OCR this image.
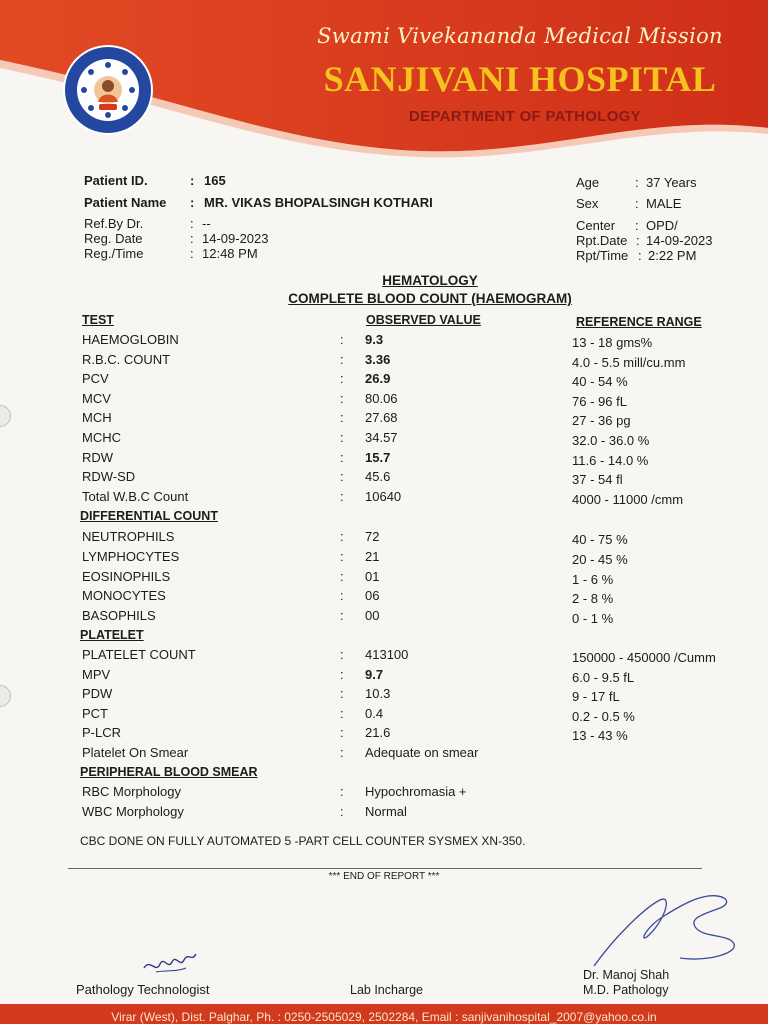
Swami Vivekananda Medical Mission
SANJIVANI HOSPITAL
DEPARTMENT OF PATHOLOGY
Patient ID.	: 165
Patient Name : MR. VIKAS BHOPALSINGH KOTHARI
Ref.By Dr.	: --
Reg. Date	: 14-09-2023
Reg./Time	: 12:48 PM
Age	: 37 Years
Sex	: MALE
Center : OPD/
Rpt.Date : 14-09-2023
Rpt/Time : 2:22 PM
HEMATOLOGY
COMPLETE BLOOD COUNT (HAEMOGRAM)
TEST	OBSERVED VALUE	REFERENCE RANGE
HAEMOGLOBIN	: 9.3	13 - 18 gms%
R.B.C. COUNT	: 3.36	4.0 - 5.5 mill/cu.mm
PCV	: 26.9	40 - 54 %
MCV	: 80.06	76 - 96 fL
MCH	: 27.68	27 - 36 pg
MCHC	: 34.57	32.0 - 36.0 %
RDW	: 15.7	11.6 - 14.0 %
RDW-SD	: 45.6	37 - 54 fl
Total W.B.C Count	: 10640	4000 - 11000 /cmm
DIFFERENTIAL COUNT
NEUTROPHILS	: 72	40 - 75 %
LYMPHOCYTES	: 21	20 - 45 %
EOSINOPHILS	: 01	1 - 6 %
MONOCYTES	: 06	2 - 8 %
BASOPHILS	: 00	0 - 1 %
PLATELET
PLATELET COUNT	: 413100	150000 - 450000 /Cumm
MPV	: 9.7	6.0 - 9.5 fL
PDW	: 10.3	9 - 17 fL
PCT	: 0.4	0.2 - 0.5 %
P-LCR	: 21.6	13 - 43 %
Platelet On Smear	: Adequate on smear
PERIPHERAL BLOOD SMEAR
RBC Morphology	: Hypochromasia +
WBC Morphology	: Normal
CBC DONE ON FULLY AUTOMATED 5 -PART CELL COUNTER SYSMEX XN-350.
*** END OF REPORT ***
Pathology Technologist	Lab Incharge
Dr. Manoj Shah
M.D. Pathology
Virar (West), Dist. Palghar, Ph. : 0250-2505029, 2502284, Email : sanjivanihospital_2007@yahoo.co.in
